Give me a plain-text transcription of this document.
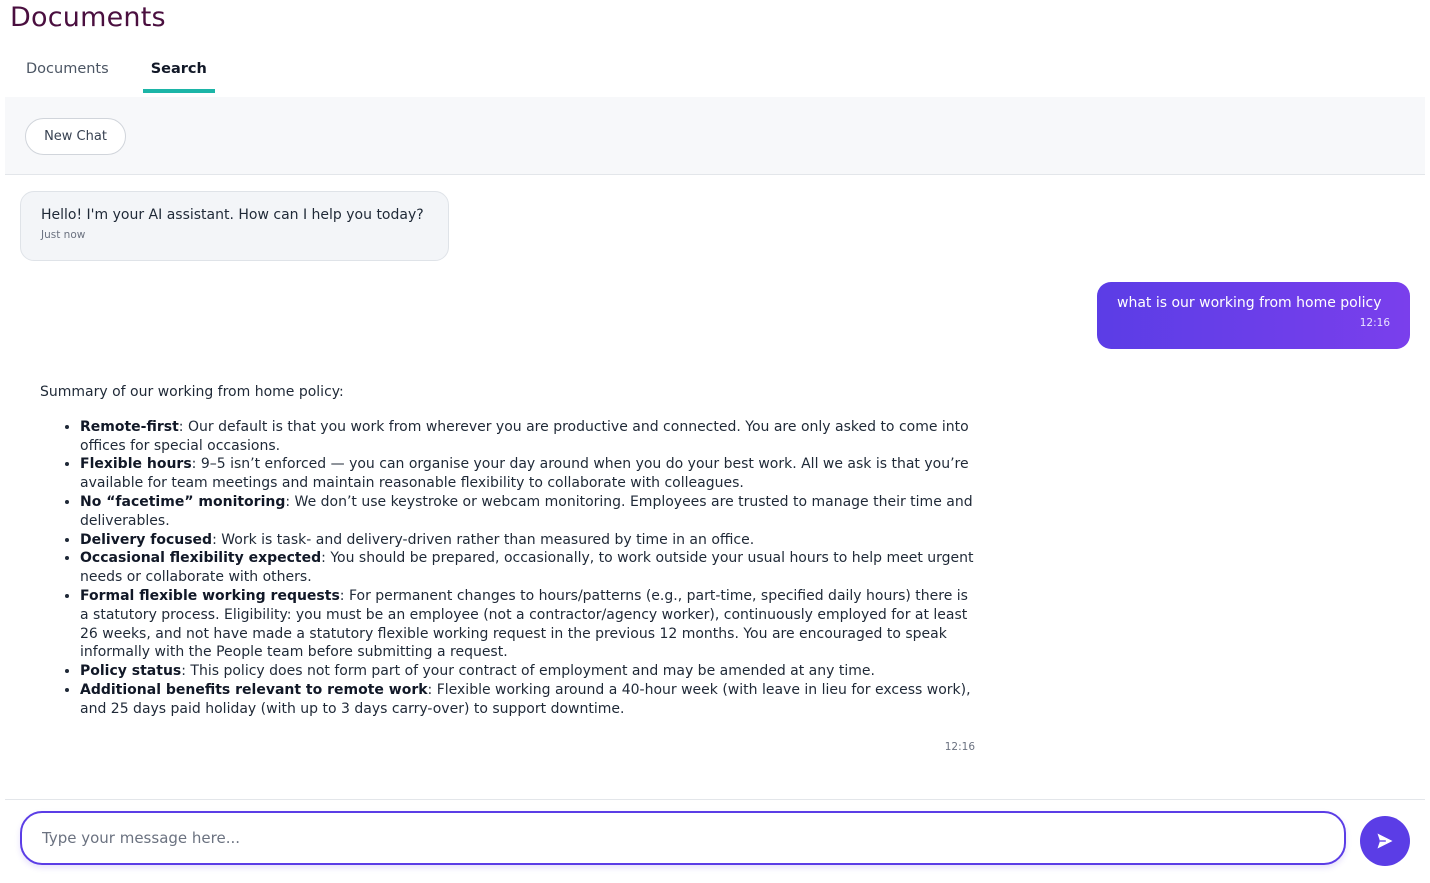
Documents
Documents	Search
New Chat
Hello! I'm your AI assistant. How can I help you today?
Just now
what is our working from home policy
12:16
Summary of our working from home policy:
• Remote-first: Our default is that you work from wherever you are productive and connected. You are only asked to come into offices for special occasions.
• Flexible hours: 9–5 isn’t enforced — you can organise your day around when you do your best work. All we ask is that you’re available for team meetings and maintain reasonable flexibility to collaborate with colleagues.
• No “facetime” monitoring: We don’t use keystroke or webcam monitoring. Employees are trusted to manage their time and deliverables.
• Delivery focused: Work is task- and delivery-driven rather than measured by time in an office.
• Occasional flexibility expected: You should be prepared, occasionally, to work outside your usual hours to help meet urgent needs or collaborate with others.
• Formal flexible working requests: For permanent changes to hours/patterns (e.g., part-time, specified daily hours) there is a statutory process. Eligibility: you must be an employee (not a contractor/agency worker), continuously employed for at least 26 weeks, and not have made a statutory flexible working request in the previous 12 months. You are encouraged to speak informally with the People team before submitting a request.
• Policy status: This policy does not form part of your contract of employment and may be amended at any time.
• Additional benefits relevant to remote work: Flexible working around a 40-hour week (with leave in lieu for excess work), and 25 days paid holiday (with up to 3 days carry-over) to support downtime.
12:16
Type your message here...
